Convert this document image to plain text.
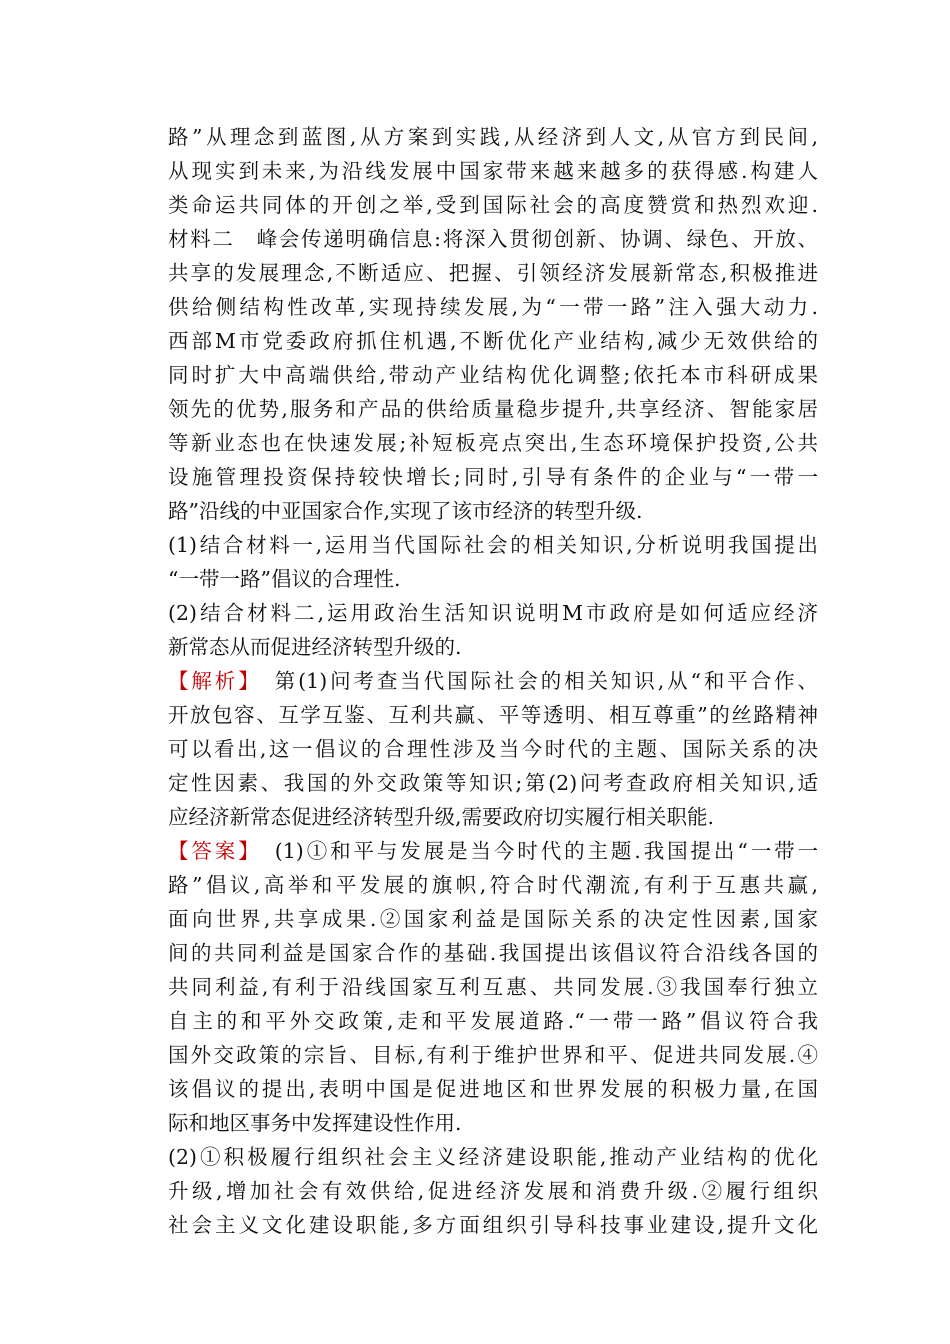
路”从理念到蓝图,从方案到实践,从经济到人文,从官方到民间,
从现实到未来,为沿线发展中国家带来越来越多的获得感.构建人
类命运共同体的开创之举,受到国际社会的高度赞赏和热烈欢迎.
材料二　峰会传递明确信息:将深入贯彻创新、协调、绿色、开放、
共享的发展理念,不断适应、把握、引领经济发展新常态,积极推进
供给侧结构性改革,实现持续发展,为“一带一路”注入强大动力.
西部M市党委政府抓住机遇,不断优化产业结构,减少无效供给的
同时扩大中高端供给,带动产业结构优化调整;依托本市科研成果
领先的优势,服务和产品的供给质量稳步提升,共享经济、智能家居
等新业态也在快速发展;补短板亮点突出,生态环境保护投资,公共
设施管理投资保持较快增长;同时,引导有条件的企业与“一带一
路”沿线的中亚国家合作,实现了该市经济的转型升级.
(1)结合材料一,运用当代国际社会的相关知识,分析说明我国提出
“一带一路”倡议的合理性.
(2)结合材料二,运用政治生活知识说明M市政府是如何适应经济
新常态从而促进经济转型升级的.
【解析】　第(1)问考查当代国际社会的相关知识,从“和平合作、
开放包容、互学互鉴、互利共赢、平等透明、相互尊重”的丝路精神
可以看出,这一倡议的合理性涉及当今时代的主题、国际关系的决
定性因素、我国的外交政策等知识;第(2)问考查政府相关知识,适
应经济新常态促进经济转型升级,需要政府切实履行相关职能.
【答案】　(1)①和平与发展是当今时代的主题.我国提出“一带一
路”倡议,高举和平发展的旗帜,符合时代潮流,有利于互惠共赢,
面向世界,共享成果.②国家利益是国际关系的决定性因素,国家
间的共同利益是国家合作的基础.我国提出该倡议符合沿线各国的
共同利益,有利于沿线国家互利互惠、共同发展.③我国奉行独立
自主的和平外交政策,走和平发展道路.“一带一路”倡议符合我
国外交政策的宗旨、目标,有利于维护世界和平、促进共同发展.④
该倡议的提出,表明中国是促进地区和世界发展的积极力量,在国
际和地区事务中发挥建设性作用.
(2)①积极履行组织社会主义经济建设职能,推动产业结构的优化
升级,增加社会有效供给,促进经济发展和消费升级.②履行组织
社会主义文化建设职能,多方面组织引导科技事业建设,提升文化
